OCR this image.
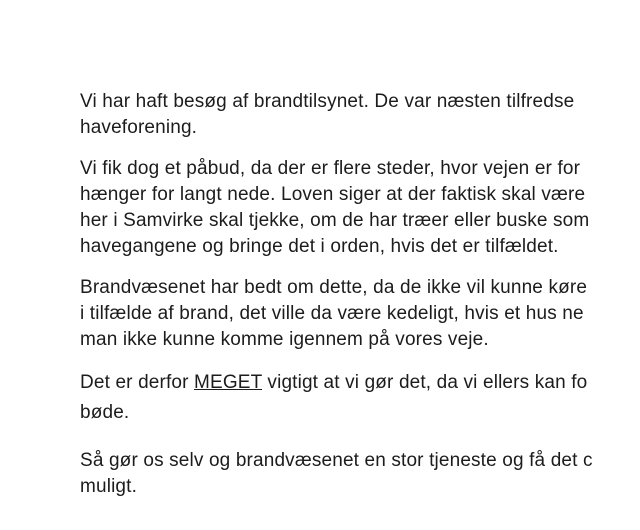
Vi har haft besøg af brandtilsynet. De var næsten tilfredse
haveforening.

Vi fik dog et påbud, da der er flere steder, hvor vejen er for
hænger for langt nede. Loven siger at der faktisk skal være
her i Samvirke skal tjekke, om de har træer eller buske som
havegangene og bringe det i orden, hvis det er tilfældet.

Brandvæsenet har bedt om dette, da de ikke vil kunne køre
i tilfælde af brand, det ville da være kedeligt, hvis et hus ne
man ikke kunne komme igennem på vores veje.

Det er derfor MEGET vigtigt at vi gør det, da vi ellers kan fo
bøde.

Så gør os selv og brandvæsenet en stor tjeneste og få det c
muligt.
